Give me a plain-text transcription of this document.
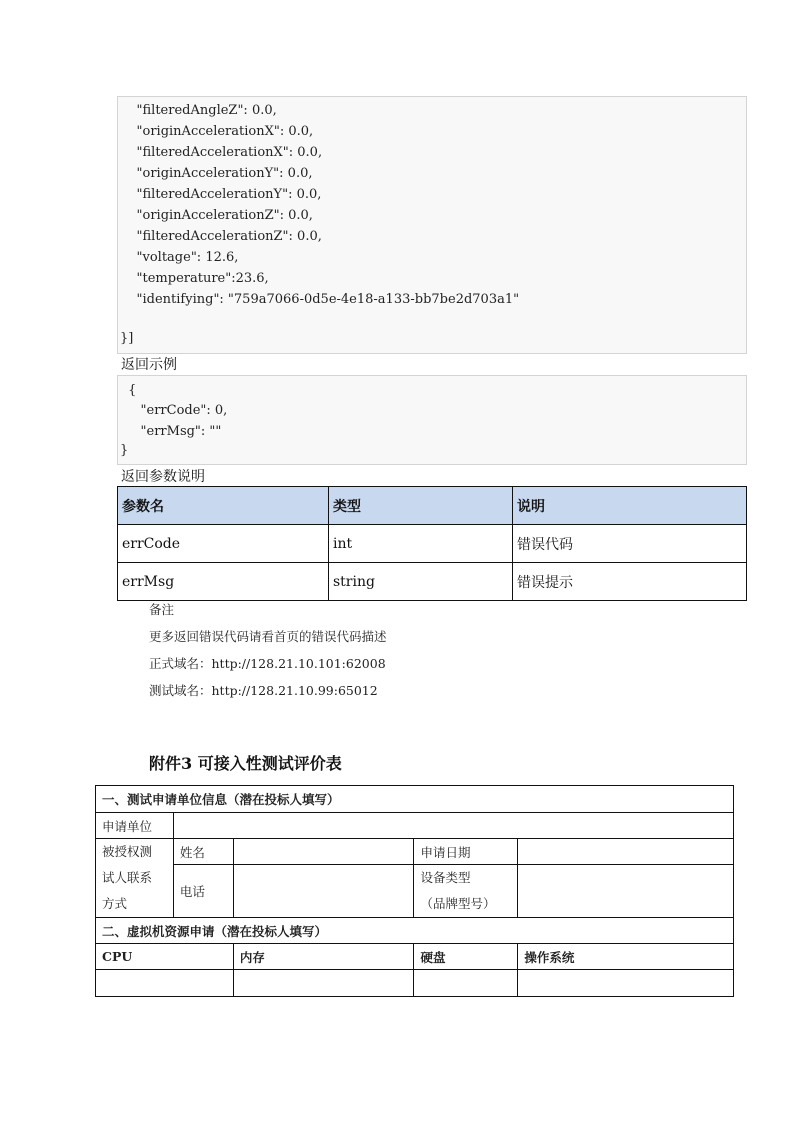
"filteredAngleZ": 0.0,
"originAccelerationX": 0.0,
"filteredAccelerationX": 0.0,
"originAccelerationY": 0.0,
"filteredAccelerationY": 0.0,
"originAccelerationZ": 0.0,
"filteredAccelerationZ": 0.0,
"voltage": 12.6,
"temperature":23.6,
"identifying": "759a7066-0d5e-4e18-a133-bb7be2d703a1"
}]
返回示例
{
"errCode": 0,
"errMsg": ""
}
返回参数说明
参数名	类型	说明
errCode	int	错误代码
errMsg	string	错误提示
备注
更多返回错误代码请看首页的错误代码描述
正式域名：http://128.21.10.101:62008
测试域名：http://128.21.10.99:65012
附件3 可接入性测试评价表
一、测试申请单位信息（潜在投标人填写）				
申请单位				

被授权测
试人联系
方式	姓名		申请日期	
	电话		设备类型
（品牌型号）	

二、虚拟机资源申请（潜在投标人填写）				
CPU		内存	硬盘	操作系统
